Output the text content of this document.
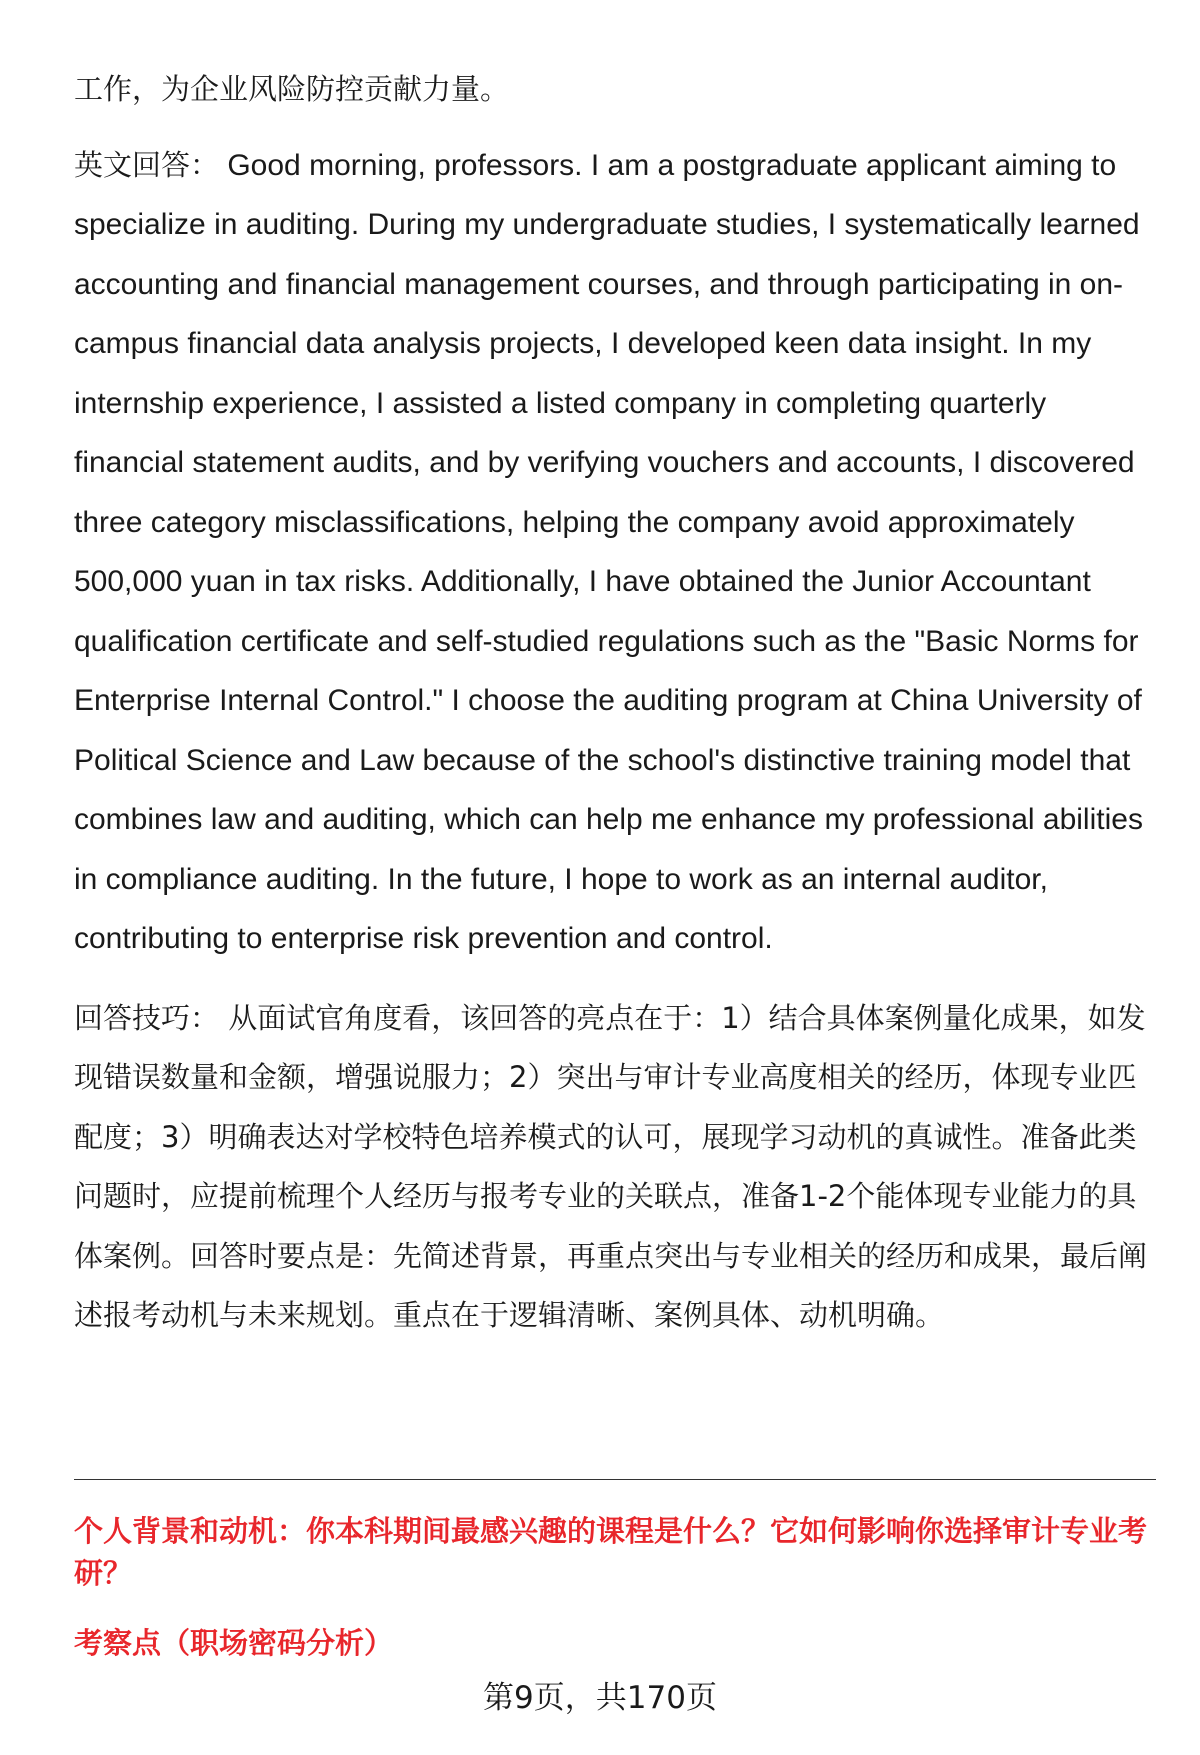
工作，为企业风险防控贡献力量。

英文回答： Good morning, professors. I am a postgraduate applicant aiming to specialize in auditing. During my undergraduate studies, I systematically learned accounting and financial management courses, and through participating in on-campus financial data analysis projects, I developed keen data insight. In my internship experience, I assisted a listed company in completing quarterly financial statement audits, and by verifying vouchers and accounts, I discovered three category misclassifications, helping the company avoid approximately 500,000 yuan in tax risks. Additionally, I have obtained the Junior Accountant qualification certificate and self-studied regulations such as the "Basic Norms for Enterprise Internal Control." I choose the auditing program at China University of Political Science and Law because of the school's distinctive training model that combines law and auditing, which can help me enhance my professional abilities in compliance auditing. In the future, I hope to work as an internal auditor, contributing to enterprise risk prevention and control.

回答技巧： 从面试官角度看，该回答的亮点在于：1）结合具体案例量化成果，如发现错误数量和金额，增强说服力；2）突出与审计专业高度相关的经历，体现专业匹配度；3）明确表达对学校特色培养模式的认可，展现学习动机的真诚性。准备此类问题时，应提前梳理个人经历与报考专业的关联点，准备1-2个能体现专业能力的具体案例。回答时要点是：先简述背景，再重点突出与专业相关的经历和成果，最后阐述报考动机与未来规划。重点在于逻辑清晰、案例具体、动机明确。

个人背景和动机：你本科期间最感兴趣的课程是什么？它如何影响你选择审计专业考研？

考察点（职场密码分析）

第9页，共170页
